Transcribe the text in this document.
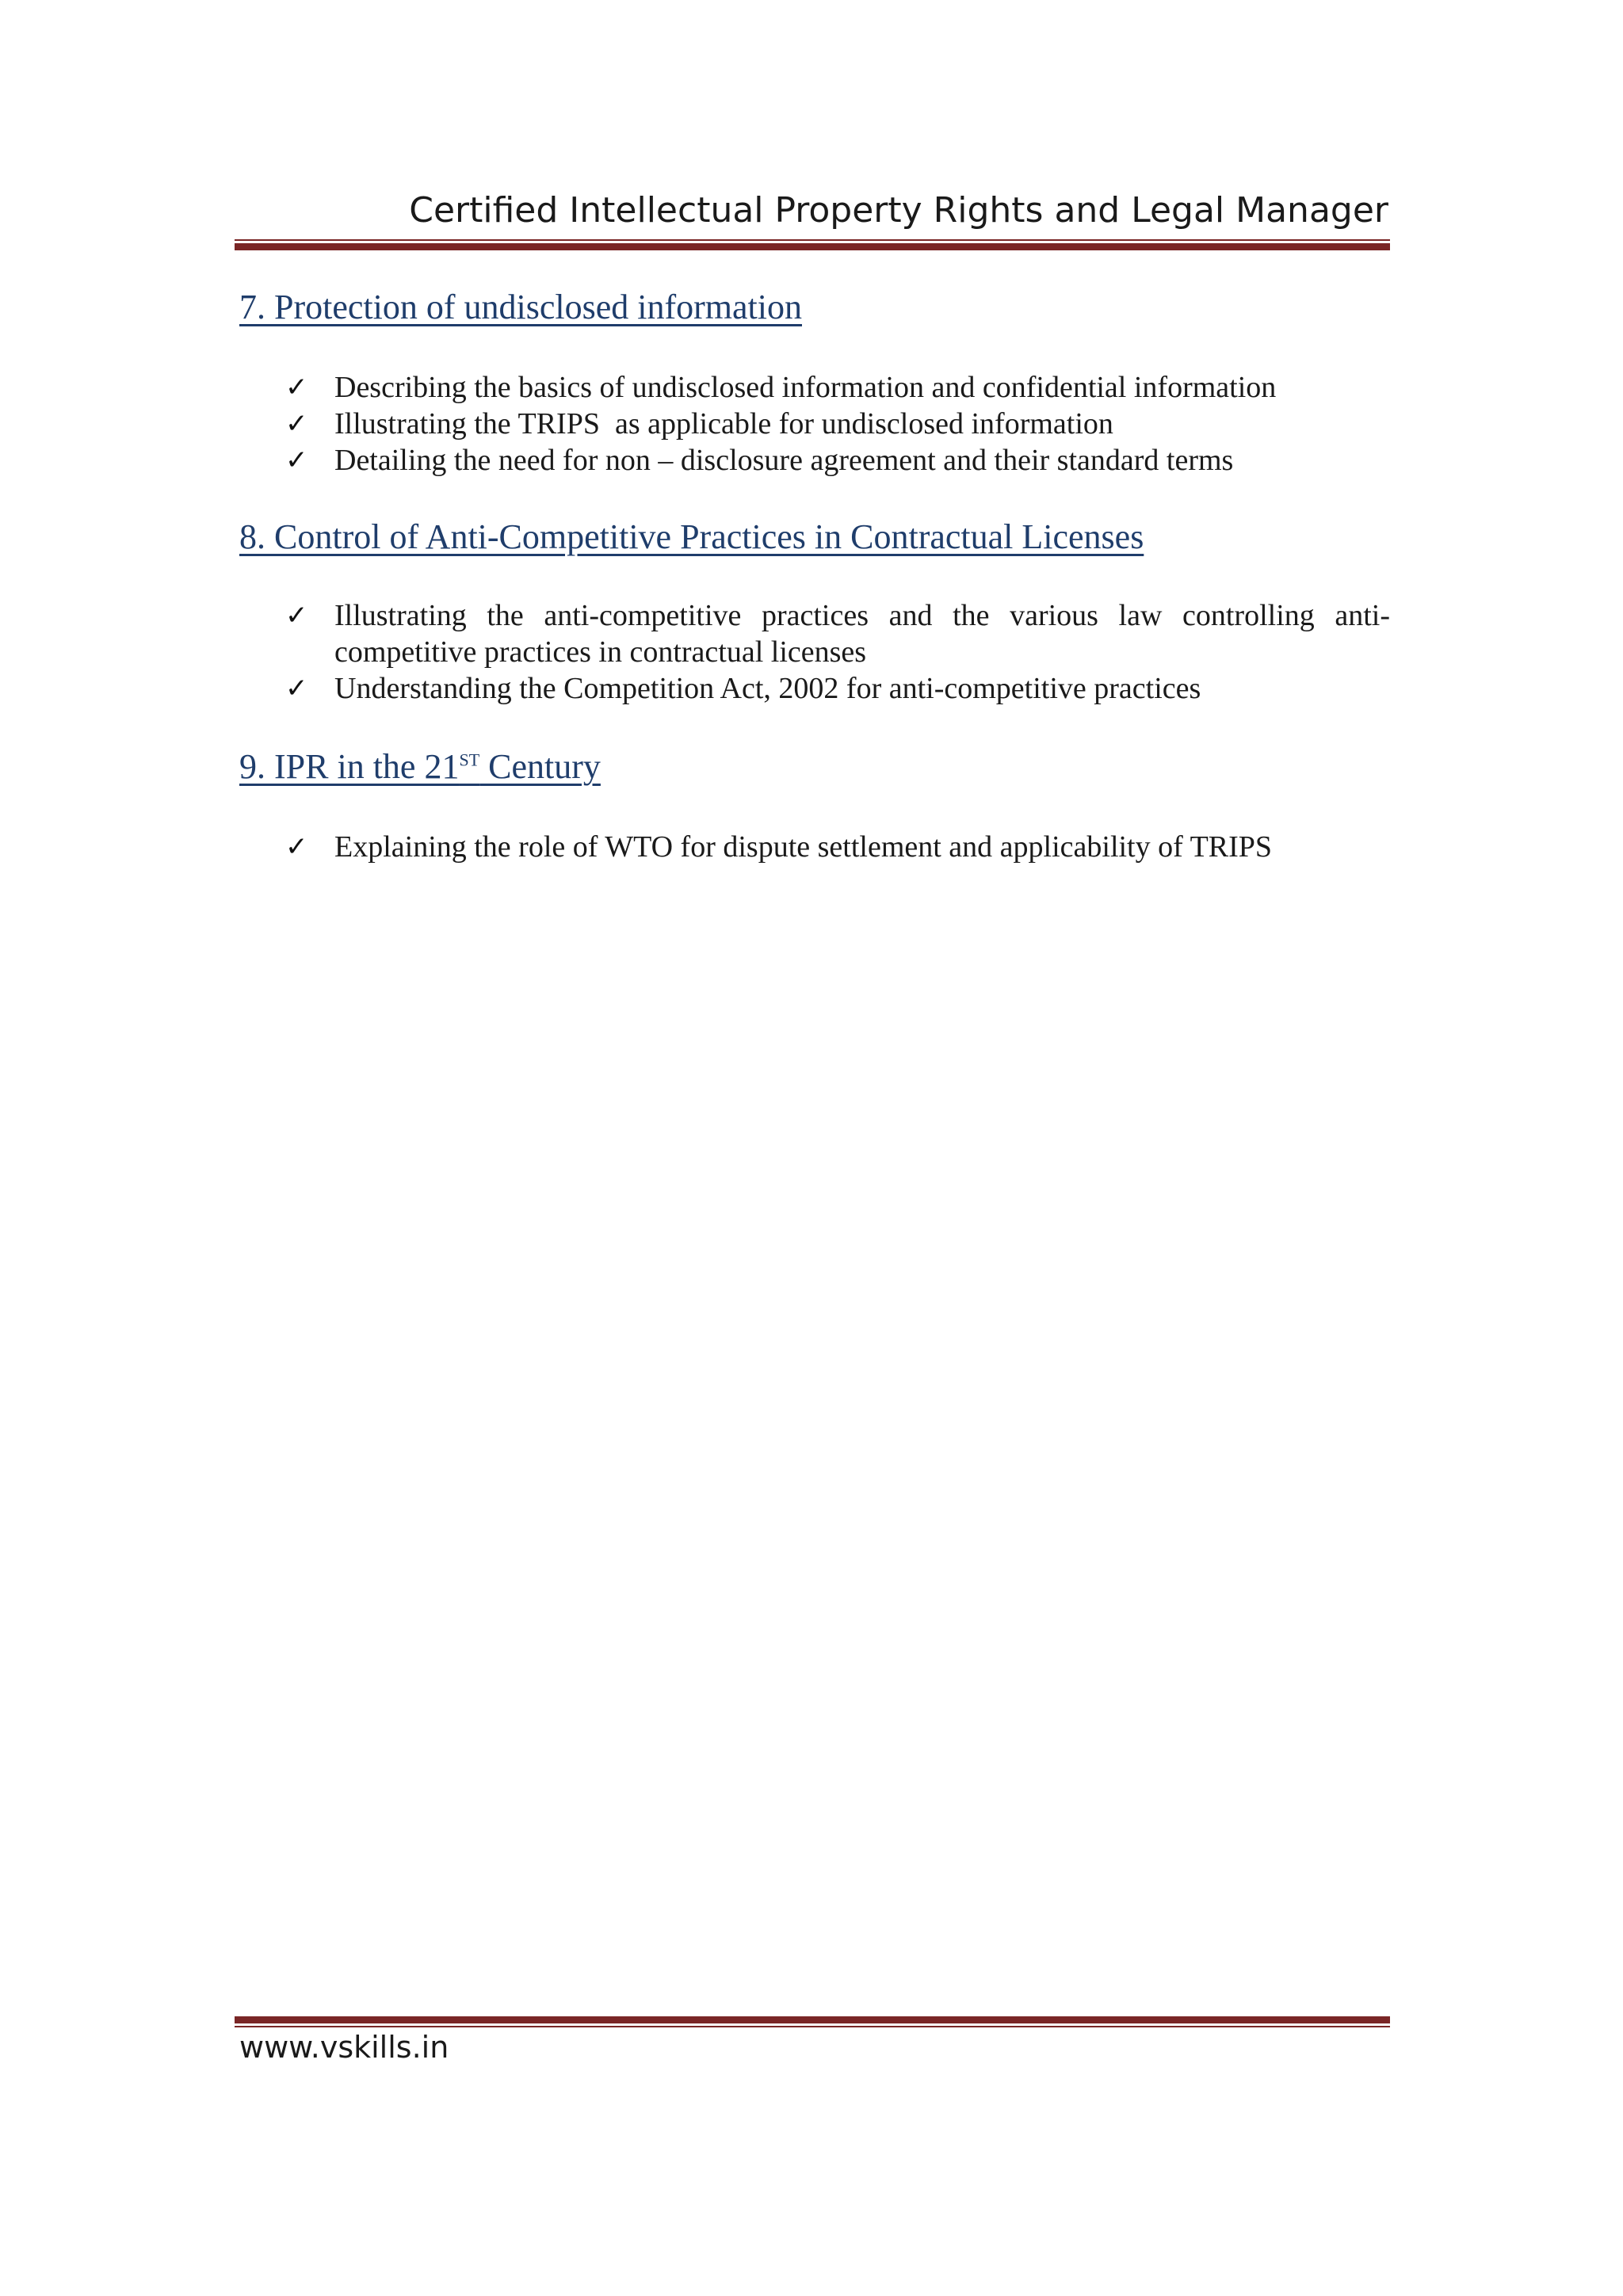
Certified Intellectual Property Rights and Legal Manager
7. Protection of undisclosed information
✓ Describing the basics of undisclosed information and confidential information
✓ Illustrating the TRIPS  as applicable for undisclosed information
✓ Detailing the need for non – disclosure agreement and their standard terms
8. Control of Anti-Competitive Practices in Contractual Licenses
✓ Illustrating the anti-competitive practices and the various law controlling anti-competitive practices in contractual licenses
✓ Understanding the Competition Act, 2002 for anti-competitive practices
9. IPR in the 21ST Century
✓ Explaining the role of WTO for dispute settlement and applicability of TRIPS
www.vskills.in
